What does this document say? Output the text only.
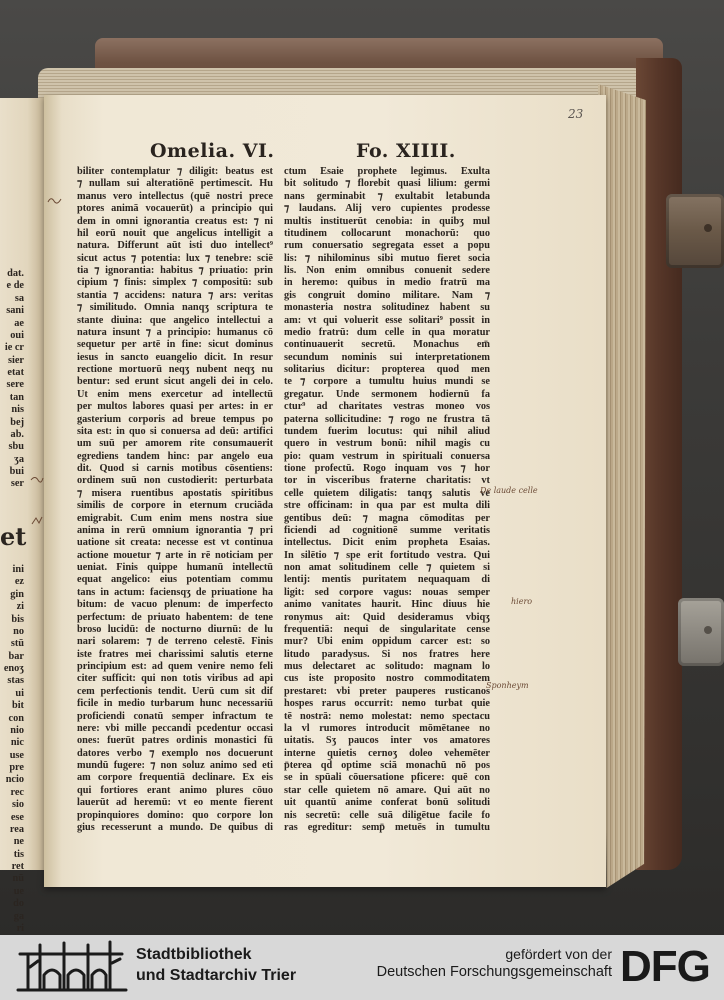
dat.
e de
sa
sani
ae
oui
ie cr
sier
etat
sere
tan
nis
bej
ab.
sbu
ʒa
bui
ser
et
ini
ez
gin
zi
bis
no
stū
bar
enoʒ
stas
ui
bit
con
nio
nic
use
pre
ncio
rec
sio
ese
rea
ne
tis
ret
nū
ue
do
ga
ri
Omelia. VI.	Fo. XIIII.
23
biliter contemplatur ⁊ diligit: beatus est
⁊ nullam sui alteratiōnē pertimescit. Hu
manus vero intellectus (quē nostri prece
ptores animā vocauerūt) a principio qui
dem in omni ignorantia creatus est: ⁊ ni
hil eorū nouit que angelicus intelligit a
natura. Differunt aūt isti duo intellect⁹
sicut actus ⁊ potentia: lux ⁊ tenebre: sciē
tia ⁊ ignorantia: habitus ⁊ priuatio: prin
cipium ⁊ finis: simplex ⁊ compositū: sub
stantia ⁊ accidens: natura ⁊ ars: veritas
⁊ similitudo. Omnia nanqʒ scriptura te
stante diuina: que angelico intellectui a
natura insunt ⁊ a principio: humanus cō
sequetur per artē in fine: sicut dominus
iesus in sancto euangelio dicit. In resur
rectione mortuorū neqʒ nubent neqʒ nu
bentur: sed erunt sicut angeli dei in celo.
Ut enim mens exercetur ad intellectū
per multos labores quasi per artes: in er
gasterium corporis ad breue tempus po
sita est: in quo si conuersa ad deū: artifici
um suū per amorem rite consumauerit
egrediens tandem hinc: par angelo eua
dit. Quod si carnis motibus cōsentiens:
ordinem suū non custodierit: perturbata
⁊ misera ruentibus apostatis spiritibus
similis de corpore in eternum cruciāda
emigrabit. Cum enim mens nostra siue
anima in rerū omnium ignorantia ⁊ pri
uatione sit creata: necesse est vt continua
actione mouetur ⁊ arte in rē noticiam per
ueniat. Finis quippe humanū intellectū
equat angelico: eius potentiam commu
tans in actum: faciensqʒ de priuatione ha
bitum: de vacuo plenum: de imperfecto
perfectum: de priuato habentem: de tene
broso lucidū: de nocturno diurnū: de lu
nari solarem: ⁊ de terreno celestē. Finis
iste fratres mei charissimi salutis eterne
principium est: ad quem venire nemo feli
citer sufficit: qui non totis viribus ad api
cem perfectionis tendit. Uerū cum sit dif
ficile in medio turbarum hunc necessariū
proficiendi conatū semper infractum te
nere: vbi mille peccandi pcedentur occasi
ones: fuerūt patres ordinis monastici fū
datores verbo ⁊ exemplo nos docuerunt
mundū fugere: ⁊ non soluz animo sed eti
am corpore frequentiā declinare. Ex eis
qui fortiores erant animo plures cōuo
lauerūt ad heremū: vt eo mente fierent
propinquiores domino: quo corpore lon
gius recesserunt a mundo. De quibus di
ctum Esaie prophete legimus. Exulta
bit solitudo ⁊ florebit quasi lilium: germi
nans germinabit ⁊ exultabit letabunda
⁊ laudans. Alij vero cupientes prodesse
multis instituerūt cenobia: in quibʒ mul
titudinem collocarunt monachorū: quo
rum conuersatio segregata esset a popu
lis: ⁊ nihilominus sibi mutuo fieret socia
lis. Non enim omnibus conuenit sedere
in heremo: quibus in medio fratrū ma
gis congruit domino militare. Nam ⁊
monasteria nostra solitudinez habent su
am: vt qui voluerit esse solitari⁹ possit in
medio fratrū: dum celle in qua moratur
continuauerit secretū. Monachus em̄
secundum nominis sui interpretationem
solitarius dicitur: propterea quod men
te ⁊ corpore a tumultu huius mundi se
gregatur. Unde sermonem hodiernū fa
ctur⁹ ad charitates vestras moneo vos
paterna sollicitudine: ⁊ rogo ne frustra tā
tundem fuerim locutus: qui nihil aliud
quero in vestrum bonū: nihil magis cu
pio: quam vestrum in spirituali conuersa
tione profectū. Rogo inquam vos ⁊ hor
tor in visceribus fraterne charitatis: vt
celle quietem diligatis: tanqʒ salutis ve
stre officinam: in qua par est multa dili
gentibus deū: ⁊ magna cōmoditas per
ficiendi ad cognitionē summe veritatis
intellectus. Dicit enim propheta Esaias.
In silētio ⁊ spe erit fortitudo vestra. Qui
non amat solitudinem celle ⁊ quietem si
lentij: mentis puritatem nequaquam di
ligit: sed corpore vagus: nouas semper
animo vanitates haurit. Hinc diuus hie
ronymus ait: Quid desideramus vbiqʒ
frequentiā: nequi de singularitate cense
mur? Ubi enim oppidum carcer est: so
litudo paradysus. Si nos fratres here
mus delectaret ac solitudo: magnam lo
cus iste proposito nostro commoditatem
prestaret: vbi preter pauperes rusticanos
hospes rarus occurrit: nemo turbat quie
tē nostrā: nemo molestat: nemo spectacu
la vl rumores introducit mōmētanee no
uitatis. Sʒ paucos inter vos amatores
interne quietis cernoʒ doleo vehemēter
p̄terea qd̄ optime sciā monachū nō pos
se in spūali cōuersatione pficere: quē con
star celle quietem nō amare. Qui aūt no
uit quantū anime conferat bonū solitudi
nis secretū: celle suā diligētue facile fo
ras egreditur: semp̄ metuēs in tumultu
De laude celle
hiero
Sponheym
Stadtbibliothek
und Stadtarchiv Trier
gefördert von der
Deutschen Forschungsgemeinschaft DFG
